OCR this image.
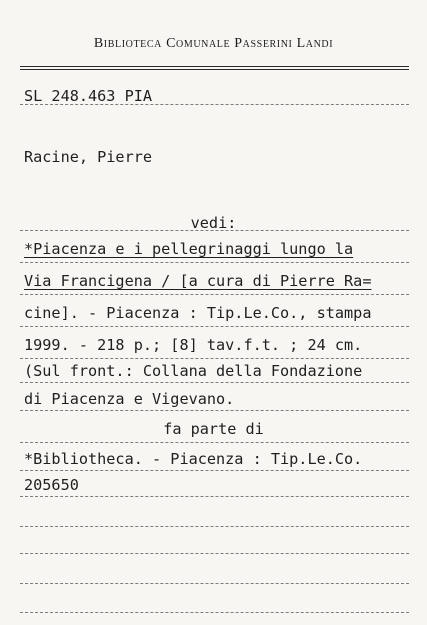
Biblioteca Comunale Passerini Landi
SL 248.463 PIA
Racine, Pierre
vedi:
*Piacenza e i pellegrinaggi lungo la
Via Francigena / [a cura di Pierre Ra=
cine]. - Piacenza : Tip.Le.Co., stampa
1999. - 218 p.; [8] tav.f.t. ; 24 cm.
(Sul front.: Collana della Fondazione
di Piacenza e Vigevano.
fa parte di
*Bibliotheca. - Piacenza : Tip.Le.Co.
205650
